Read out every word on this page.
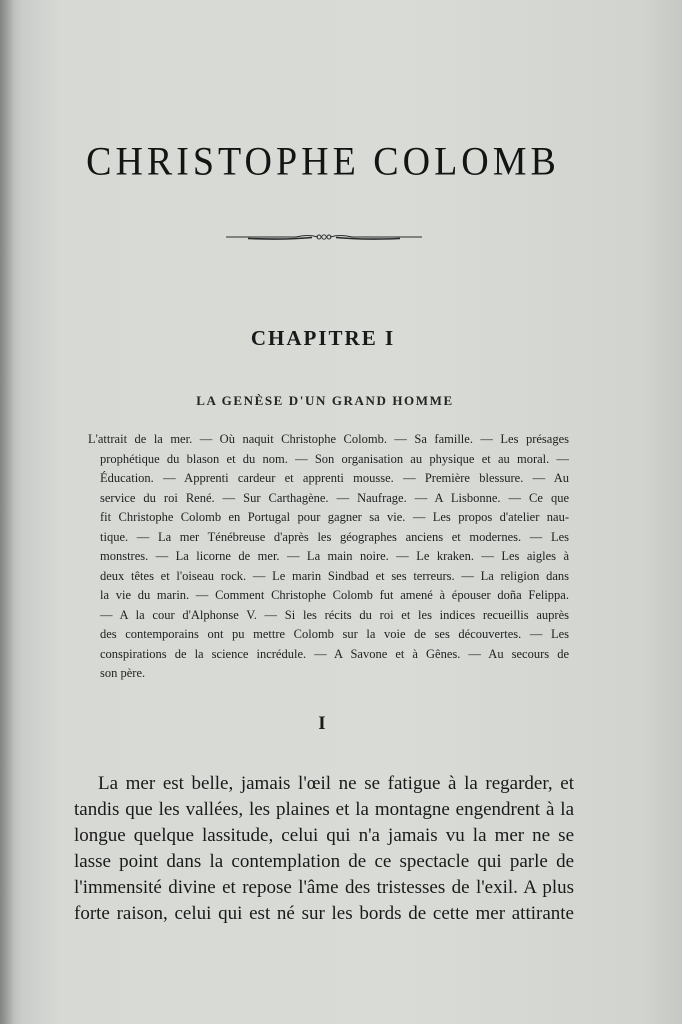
CHRISTOPHE COLOMB
CHAPITRE I
LA GENÈSE D'UN GRAND HOMME
L'attrait de la mer. — Où naquit Christophe Colomb. — Sa famille. — Les présages
prophétique du blason et du nom. — Son organisation au physique et au moral. —
Éducation. — Apprenti cardeur et apprenti mousse. — Première blessure. — Au
service du roi René. — Sur Carthagène. — Naufrage. — A Lisbonne. — Ce que
fit Christophe Colomb en Portugal pour gagner sa vie. — Les propos d'atelier nau-
tique. — La mer Ténébreuse d'après les géographes anciens et modernes. — Les
monstres. — La licorne de mer. — La main noire. — Le kraken. — Les aigles à
deux têtes et l'oiseau rock. — Le marin Sindbad et ses terreurs. — La religion dans
la vie du marin. — Comment Christophe Colomb fut amené à épouser doña Felippa.
— A la cour d'Alphonse V. — Si les récits du roi et les indices recueillis auprès
des contemporains ont pu mettre Colomb sur la voie de ses découvertes. — Les
conspirations de la science incrédule. — A Savone et à Gênes. — Au secours de
son père.
I
La mer est belle, jamais l'œil ne se fatigue à la regarder, et
tandis que les vallées, les plaines et la montagne engendrent à la
longue quelque lassitude, celui qui n'a jamais vu la mer ne se
lasse point dans la contemplation de ce spectacle qui parle de
l'immensité divine et repose l'âme des tristesses de l'exil. A plus
forte raison, celui qui est né sur les bords de cette mer attirante
